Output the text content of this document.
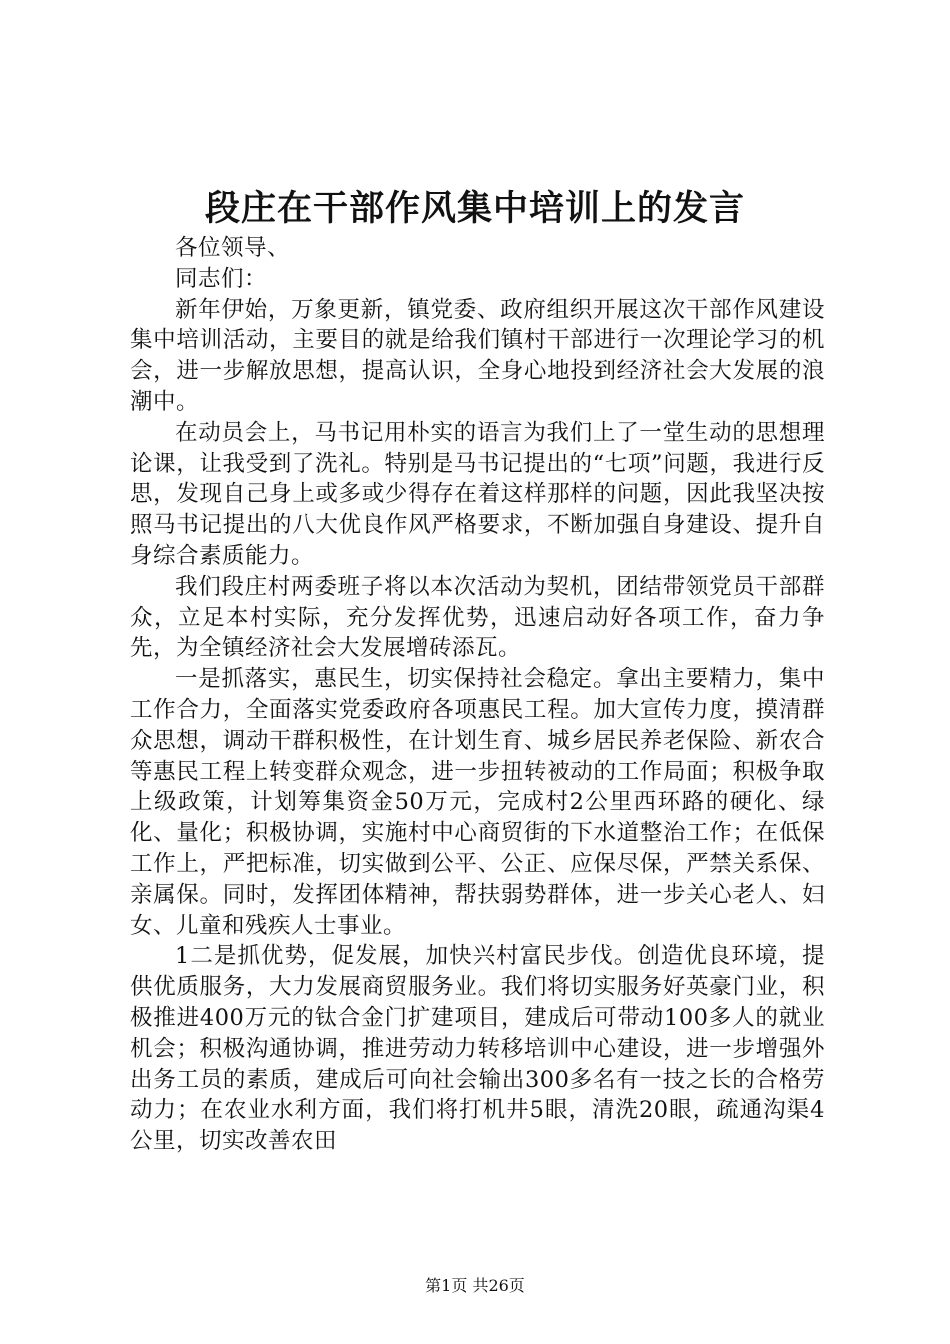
段庄在干部作风集中培训上的发言

各位领导、

同志们：

新年伊始，万象更新，镇党委、政府组织开展这次干部作风建设集中培训活动，主要目的就是给我们镇村干部进行一次理论学习的机会，进一步解放思想，提高认识，全身心地投到经济社会大发展的浪潮中。

在动员会上，马书记用朴实的语言为我们上了一堂生动的思想理论课，让我受到了洗礼。特别是马书记提出的“七项”问题，我进行反思，发现自己身上或多或少得存在着这样那样的问题，因此我坚决按照马书记提出的八大优良作风严格要求，不断加强自身建设、提升自身综合素质能力。

我们段庄村两委班子将以本次活动为契机，团结带领党员干部群众，立足本村实际，充分发挥优势，迅速启动好各项工作，奋力争先，为全镇经济社会大发展增砖添瓦。

一是抓落实，惠民生，切实保持社会稳定。拿出主要精力，集中工作合力，全面落实党委政府各项惠民工程。加大宣传力度，摸清群众思想，调动干群积极性，在计划生育、城乡居民养老保险、新农合等惠民工程上转变群众观念，进一步扭转被动的工作局面；积极争取上级政策，计划筹集资金50万元，完成村2公里西环路的硬化、绿化、量化；积极协调，实施村中心商贸街的下水道整治工作；在低保工作上，严把标准，切实做到公平、公正、应保尽保，严禁关系保、亲属保。同时，发挥团体精神，帮扶弱势群体，进一步关心老人、妇女、儿童和残疾人士事业。

1二是抓优势，促发展，加快兴村富民步伐。创造优良环境，提供优质服务，大力发展商贸服务业。我们将切实服务好英豪门业，积极推进400万元的钛合金门扩建项目，建成后可带动100多人的就业机会；积极沟通协调，推进劳动力转移培训中心建设，进一步增强外出务工员的素质，建成后可向社会输出300多名有一技之长的合格劳动力；在农业水利方面，我们将打机井5眼，清洗20眼，疏通沟渠4公里，切实改善农田

第1页 共26页
